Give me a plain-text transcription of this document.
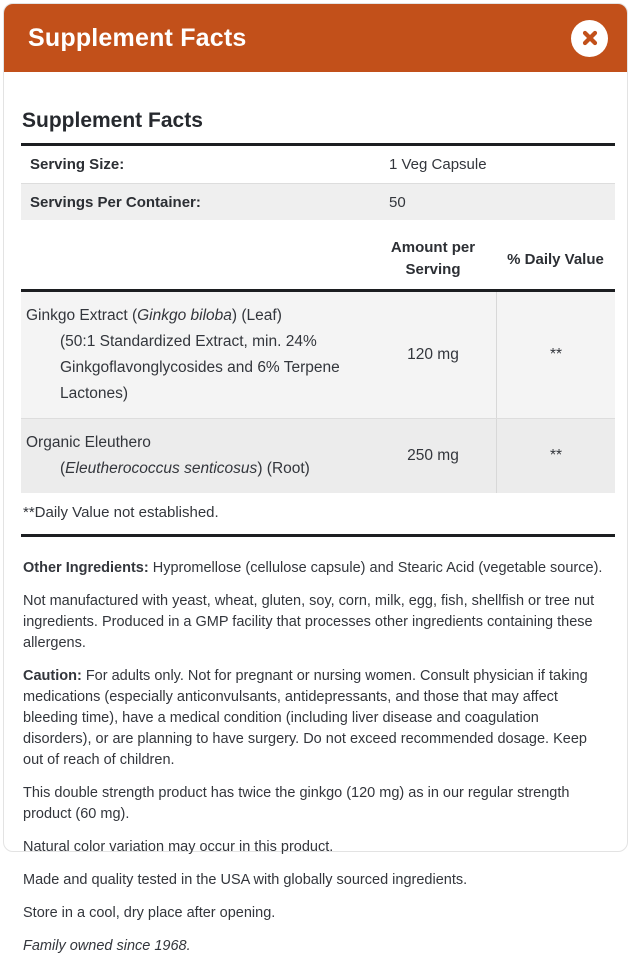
Supplement Facts
Supplement Facts
Serving Size:	1 Veg Capsule
Servings Per Container:	50
Amount per Serving
% Daily Value
Ginkgo Extract (Ginkgo biloba) (Leaf)
(50:1 Standardized Extract, min. 24% Ginkgoflavonglycosides and 6% Terpene Lactones)
120 mg	**
Organic Eleuthero
(Eleutherococcus senticosus) (Root)
250 mg	**
**Daily Value not established.

Other Ingredients: Hypromellose (cellulose capsule) and Stearic Acid (vegetable source).

Not manufactured with yeast, wheat, gluten, soy, corn, milk, egg, fish, shellfish or tree nut ingredients. Produced in a GMP facility that processes other ingredients containing these allergens.

Caution: For adults only. Not for pregnant or nursing women. Consult physician if taking medications (especially anticonvulsants, antidepressants, and those that may affect bleeding time), have a medical condition (including liver disease and coagulation disorders), or are planning to have surgery. Do not exceed recommended dosage. Keep out of reach of children.

This double strength product has twice the ginkgo (120 mg) as in our regular strength product (60 mg).

Natural color variation may occur in this product.

Made and quality tested in the USA with globally sourced ingredients.

Store in a cool, dry place after opening.

Family owned since 1968.
